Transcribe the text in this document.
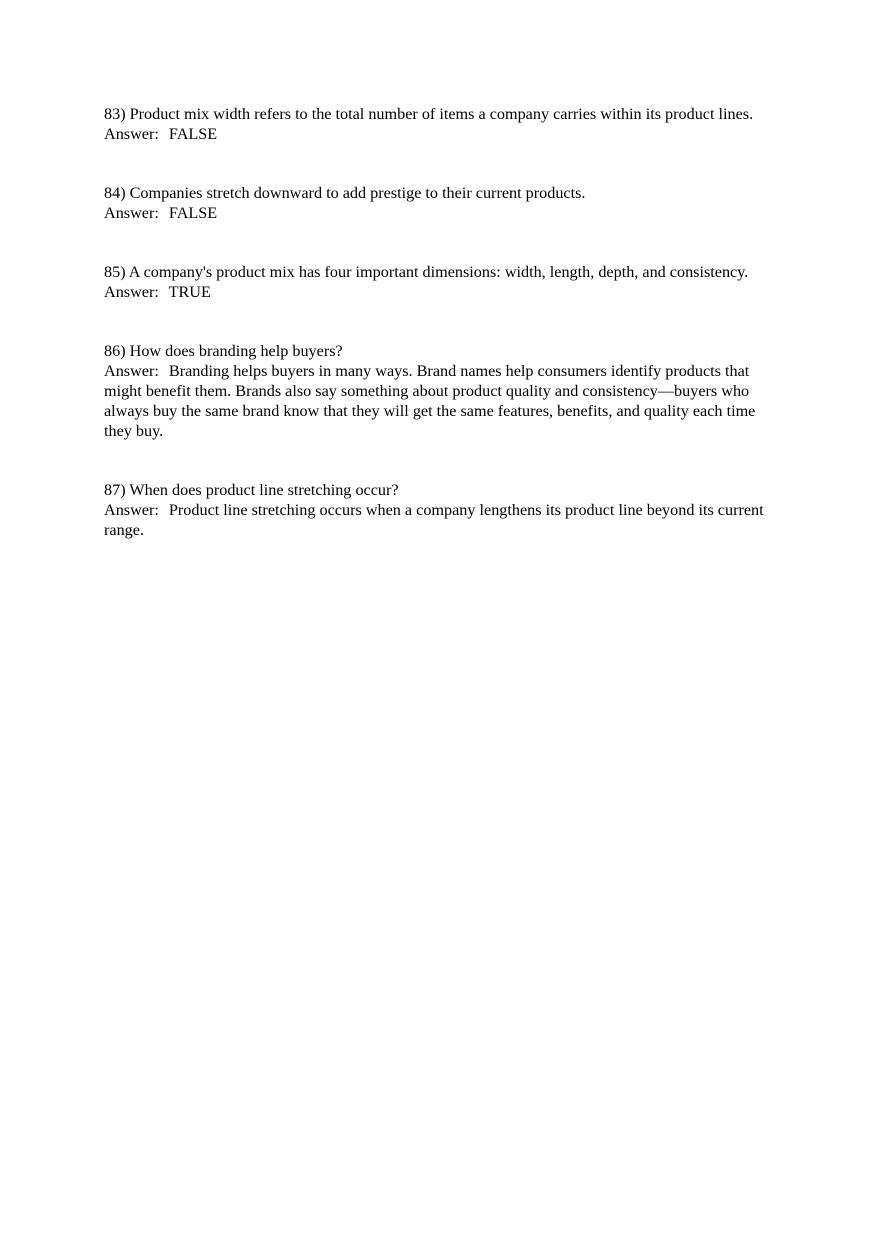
83) Product mix width refers to the total number of items a company carries within its product lines.

Answer: FALSE

84) Companies stretch downward to add prestige to their current products.

Answer: FALSE

85) A company's product mix has four important dimensions: width, length, depth, and consistency.

Answer: TRUE

86) How does branding help buyers?

Answer: Branding helps buyers in many ways. Brand names help consumers identify products that might benefit them. Brands also say something about product quality and consistency—buyers who always buy the same brand know that they will get the same features, benefits, and quality each time they buy.

87) When does product line stretching occur?

Answer: Product line stretching occurs when a company lengthens its product line beyond its current range.
